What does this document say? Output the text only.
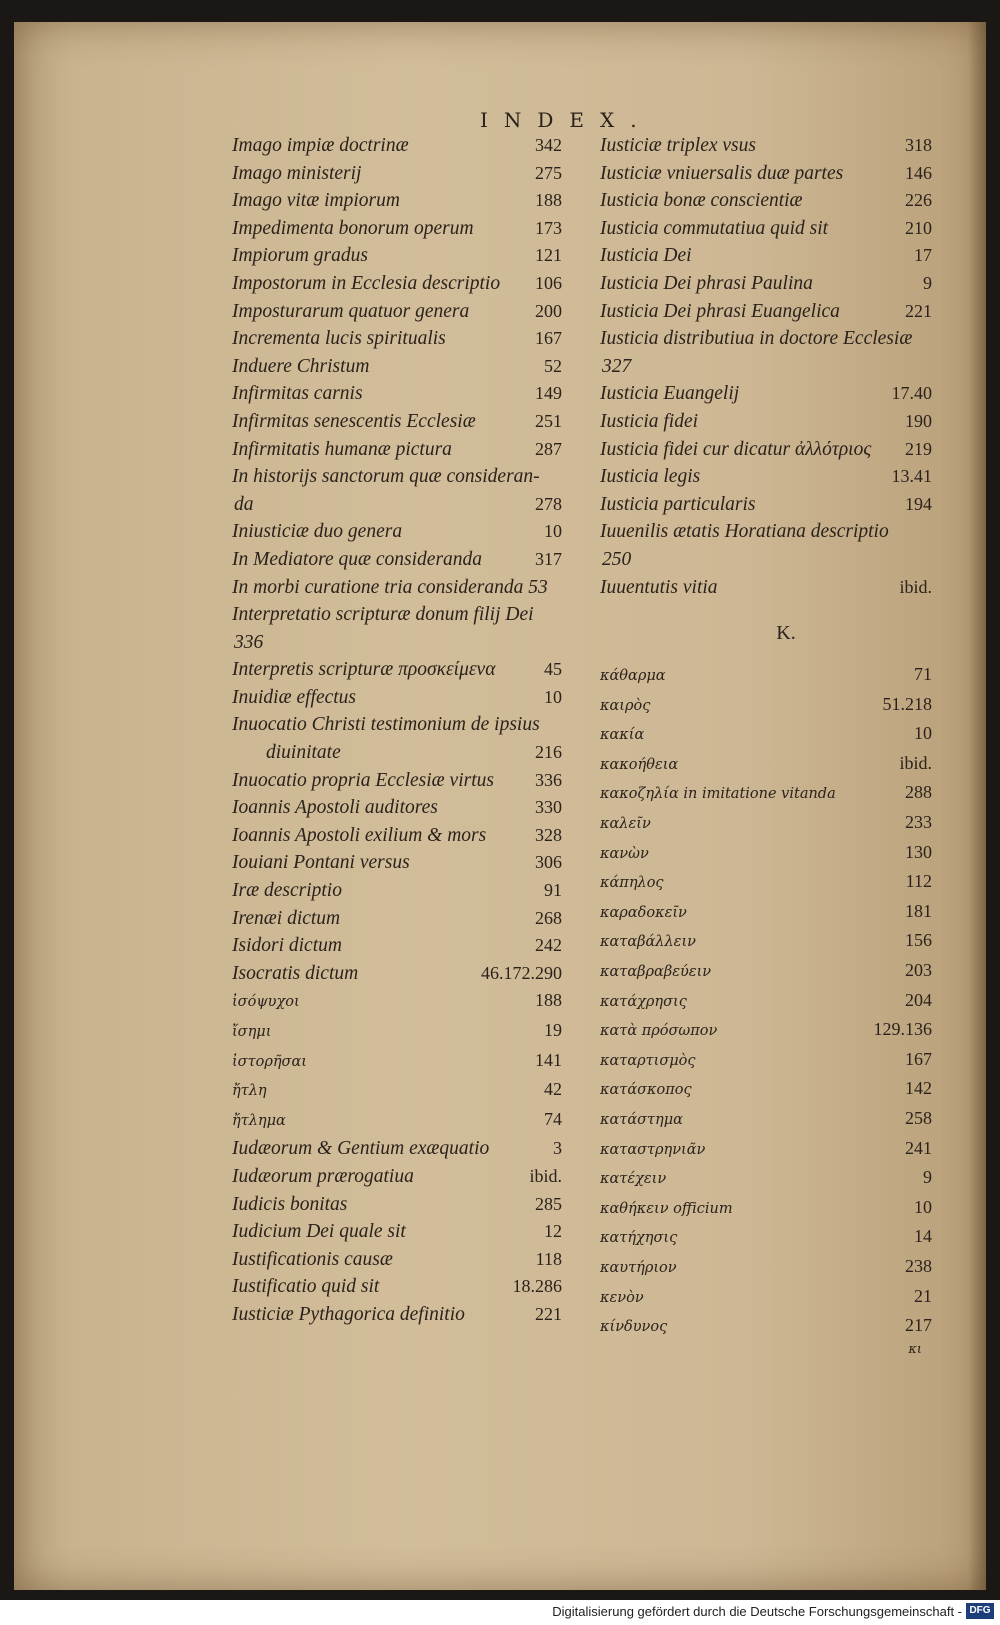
INDEX.
Imago impiæ doctrinæ	342
Imago ministerij	275
Imago vitæ impiorum	188
Impedimenta bonorum operum	173
Impiorum gradus	121
Impostorum in Ecclesia descriptio 106
Imposturarum quatuor genera	200
Incrementa lucis spiritualis	167
Induere Christum	52
Infirmitas carnis	149
Infirmitas senescentis Ecclesiæ	251
Infirmitatis humanæ pictura	287
In historijs sanctorum quæ consideran-
da	278
Iniusticiæ duo genera	10
In Mediatore quæ consideranda	317
In morbi curatione tria consideranda 53
Interpretatio scripturæ donum filij Dei
336
Interpretis scripturæ προσκείμενα	45
Inuidiæ effectus	10
Inuocatio Christi testimonium de ipsius
diuinitate	216
Inuocatio propria Ecclesiæ virtus 336
Ioannis Apostoli auditores	330
Ioannis Apostoli exilium & mors	328
Iouiani Pontani versus	306
Iræ descriptio	91
Irenæi dictum	268
Isidori dictum	242
Isocratis dictum	46.172.290
ἰσόψυχοι	188
ἴσημι	19
ἰστορῆσαι	141
ἤτλη	42
ἤτλημα	74
Iudæorum & Gentium exæquatio	3
Iudæorum prærogatiua	ibid.
Iudicis bonitas	285
Iudicium Dei quale sit	12
Iustificationis causæ	118
Iustificatio quid sit	18.286
Iusticiæ Pythagorica definitio	221
Iusticiæ triplex vsus	318
Iusticiæ vniuersalis duæ partes	146
Iusticia bonæ conscientiæ	226
Iusticia commutatiua quid sit	210
Iusticia Dei	17
Iusticia Dei phrasi Paulina	9
Iusticia Dei phrasi Euangelica	221
Iusticia distributiua in doctore Ecclesiæ
327
Iusticia Euangelij	17.40
Iusticia fidei	190
Iusticia fidei cur dicatur ἀλλότριος 219
Iusticia legis	13.41
Iusticia particularis	194
Iuuenilis ætatis Horatiana descriptio
250
Iuuentutis vitia	ibid.
K.
κάθαρμα	71
καιρὸς	51.218
κακία	10
κακοήθεια	ibid.
κακοζηλία in imitatione vitanda	288
καλεῖν	233
κανὼν	130
κάπηλος	112
καραδοκεῖν	181
καταβάλλειν	156
καταβραβεύειν	203
κατάχρησις	204
κατὰ πρόσωπον	129.136
καταρτισμὸς	167
κατάσκοπος	142
κατάστημα	258
καταστρηνιᾶν	241
κατέχειν	9
καθήκειν officium	10
κατήχησις	14
καυτήριον	238
κενὸν	21
κίνδυνος	217
κι
Digitalisierung gefördert durch die Deutsche Forschungsgemeinschaft - DFG
